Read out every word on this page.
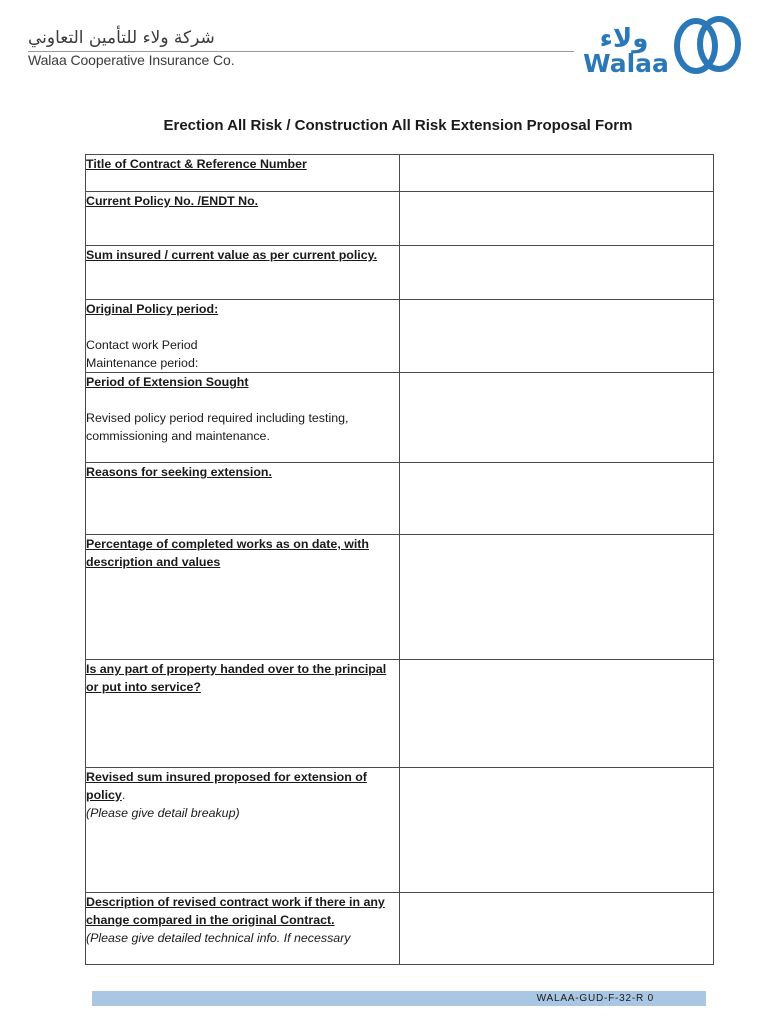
شركة ولاء للتأمين التعاوني
Walaa Cooperative Insurance Co.
ولاء
Walaa
Erection All Risk / Construction All Risk Extension Proposal Form
Title of Contract & Reference Number	
Current Policy No. /ENDT No.	
Sum insured / current value as per current policy.	
Original Policy period:
Contact work Period
Maintenance period:	

Period of Extension Sought
Revised policy period required including testing, commissioning and maintenance.	

Reasons for seeking extension.	
Percentage of completed works as on date, with description and values	
Is any part of property handed over to the principal or put into service?	
Revised sum insured proposed for extension of policy.
(Please give detail breakup)	

Description of revised contract work if there in any change compared in the original Contract.
(Please give detailed technical info. If necessary	

WALAA-GUD-F-32-R 0
